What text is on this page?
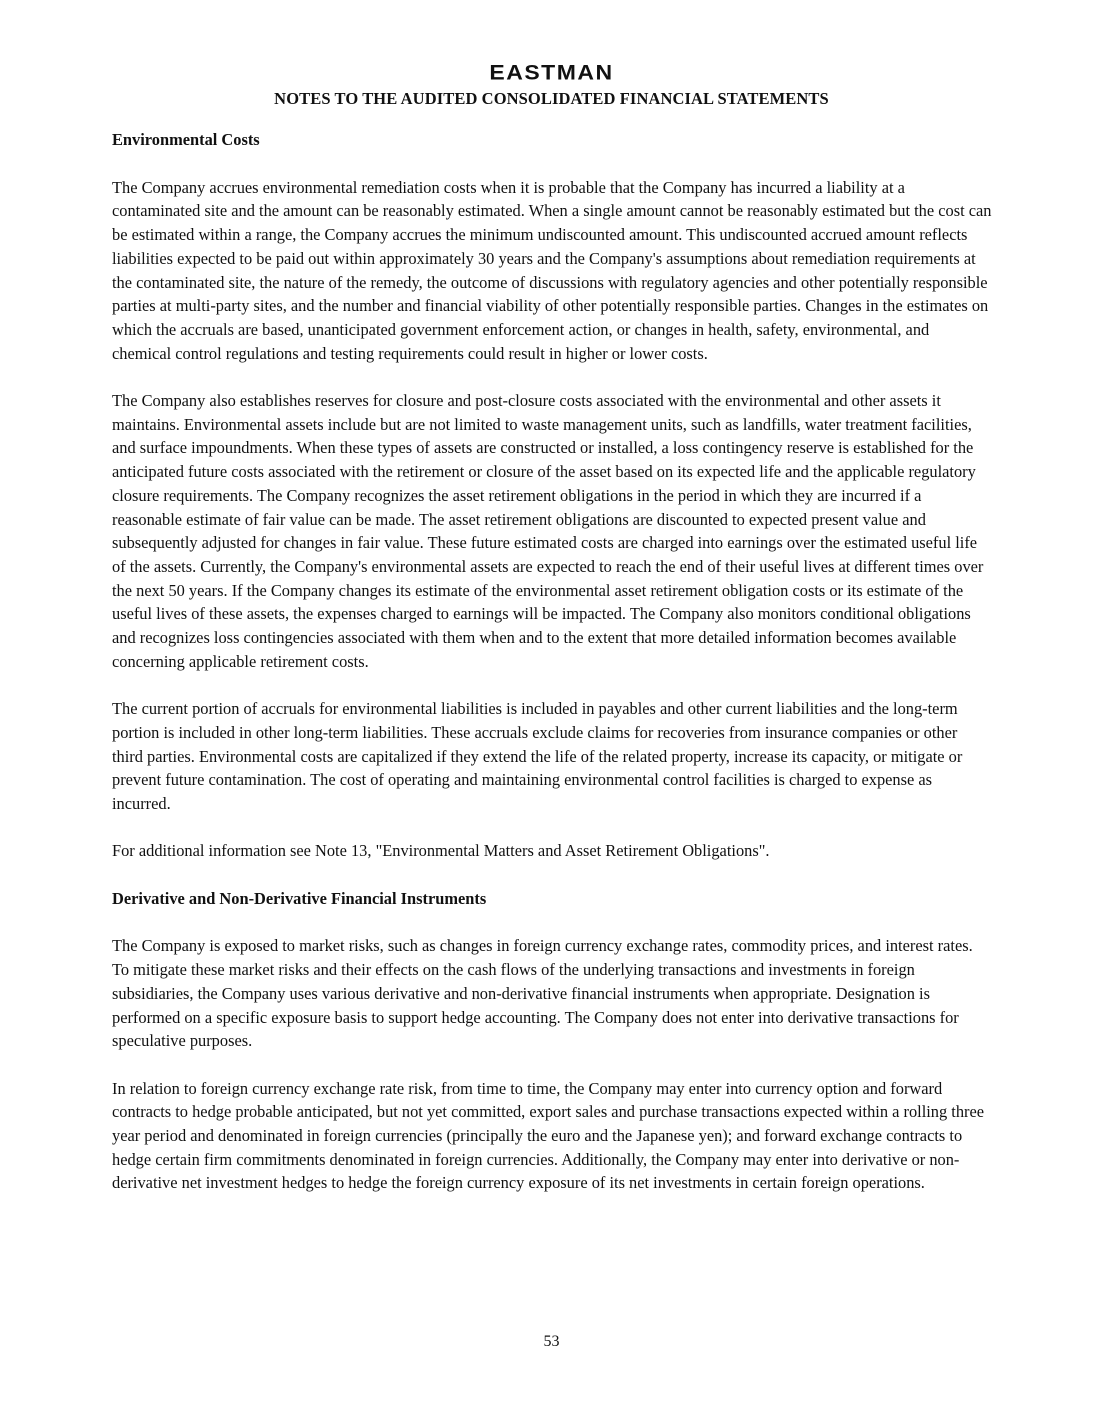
EASTMAN
NOTES TO THE AUDITED CONSOLIDATED FINANCIAL STATEMENTS

Environmental Costs

The Company accrues environmental remediation costs when it is probable that the Company has incurred a liability at a contaminated site and the amount can be reasonably estimated. When a single amount cannot be reasonably estimated but the cost can be estimated within a range, the Company accrues the minimum undiscounted amount. This undiscounted accrued amount reflects liabilities expected to be paid out within approximately 30 years and the Company's assumptions about remediation requirements at the contaminated site, the nature of the remedy, the outcome of discussions with regulatory agencies and other potentially responsible parties at multi-party sites, and the number and financial viability of other potentially responsible parties. Changes in the estimates on which the accruals are based, unanticipated government enforcement action, or changes in health, safety, environmental, and chemical control regulations and testing requirements could result in higher or lower costs.

The Company also establishes reserves for closure and post-closure costs associated with the environmental and other assets it maintains. Environmental assets include but are not limited to waste management units, such as landfills, water treatment facilities, and surface impoundments. When these types of assets are constructed or installed, a loss contingency reserve is established for the anticipated future costs associated with the retirement or closure of the asset based on its expected life and the applicable regulatory closure requirements. The Company recognizes the asset retirement obligations in the period in which they are incurred if a reasonable estimate of fair value can be made. The asset retirement obligations are discounted to expected present value and subsequently adjusted for changes in fair value. These future estimated costs are charged into earnings over the estimated useful life of the assets. Currently, the Company's environmental assets are expected to reach the end of their useful lives at different times over the next 50 years. If the Company changes its estimate of the environmental asset retirement obligation costs or its estimate of the useful lives of these assets, the expenses charged to earnings will be impacted. The Company also monitors conditional obligations and recognizes loss contingencies associated with them when and to the extent that more detailed information becomes available concerning applicable retirement costs.

The current portion of accruals for environmental liabilities is included in payables and other current liabilities and the long-term portion is included in other long-term liabilities. These accruals exclude claims for recoveries from insurance companies or other third parties. Environmental costs are capitalized if they extend the life of the related property, increase its capacity, or mitigate or prevent future contamination. The cost of operating and maintaining environmental control facilities is charged to expense as incurred.

For additional information see Note 13, "Environmental Matters and Asset Retirement Obligations".

Derivative and Non-Derivative Financial Instruments

The Company is exposed to market risks, such as changes in foreign currency exchange rates, commodity prices, and interest rates. To mitigate these market risks and their effects on the cash flows of the underlying transactions and investments in foreign subsidiaries, the Company uses various derivative and non-derivative financial instruments when appropriate. Designation is performed on a specific exposure basis to support hedge accounting. The Company does not enter into derivative transactions for speculative purposes.

In relation to foreign currency exchange rate risk, from time to time, the Company may enter into currency option and forward contracts to hedge probable anticipated, but not yet committed, export sales and purchase transactions expected within a rolling three year period and denominated in foreign currencies (principally the euro and the Japanese yen); and forward exchange contracts to hedge certain firm commitments denominated in foreign currencies. Additionally, the Company may enter into derivative or non-derivative net investment hedges to hedge the foreign currency exposure of its net investments in certain foreign operations.

53
